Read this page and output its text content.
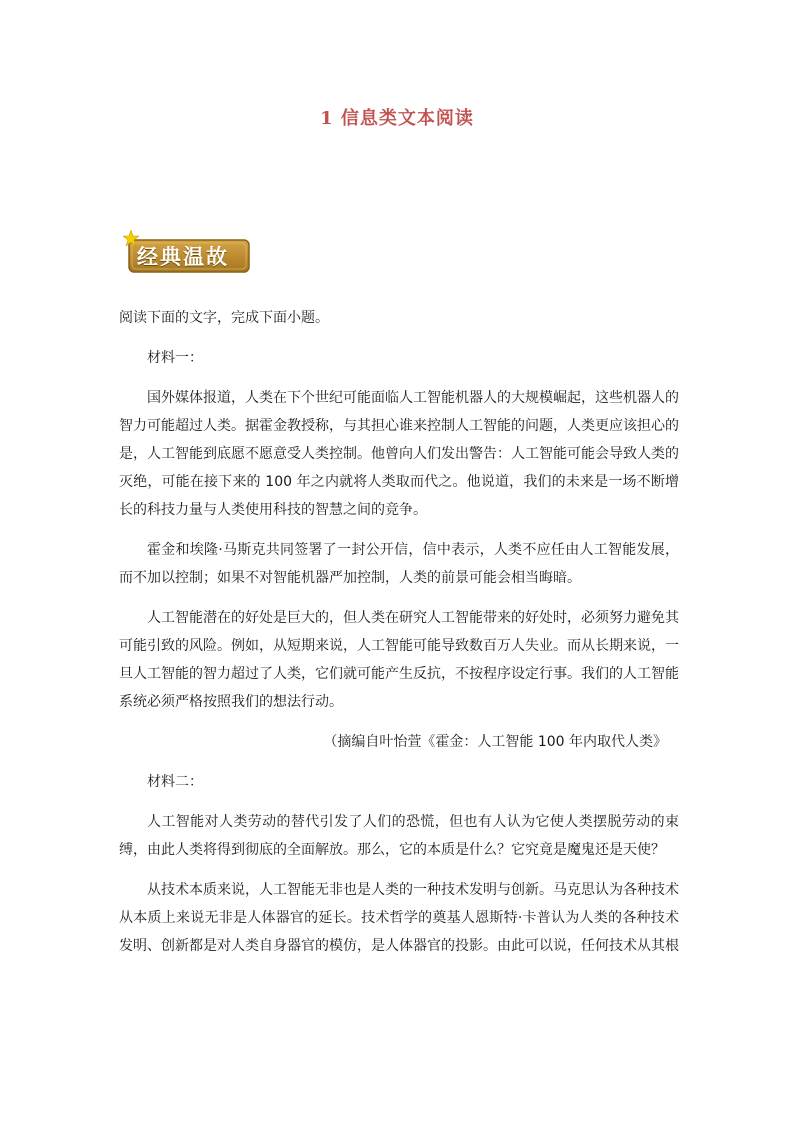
1 信息类文本阅读
经典温故

阅读下面的文字，完成下面小题。

材料一：

国外媒体报道，人类在下个世纪可能面临人工智能机器人的大规模崛起，这些机器人的智力可能超过人类。据霍金教授称，与其担心谁来控制人工智能的问题，人类更应该担心的是，人工智能到底愿不愿意受人类控制。他曾向人们发出警告：人工智能可能会导致人类的灭绝，可能在接下来的 100 年之内就将人类取而代之。他说道，我们的未来是一场不断增长的科技力量与人类使用科技的智慧之间的竞争。

霍金和埃隆·马斯克共同签署了一封公开信，信中表示，人类不应任由人工智能发展，而不加以控制；如果不对智能机器严加控制，人类的前景可能会相当晦暗。

人工智能潜在的好处是巨大的，但人类在研究人工智能带来的好处时，必须努力避免其可能引致的风险。例如，从短期来说，人工智能可能导致数百万人失业。而从长期来说，一旦人工智能的智力超过了人类，它们就可能产生反抗，不按程序设定行事。我们的人工智能系统必须严格按照我们的想法行动。

（摘编自叶怡萱《霍金：人工智能 100 年内取代人类》

材料二：

人工智能对人类劳动的替代引发了人们的恐慌，但也有人认为它使人类摆脱劳动的束缚，由此人类将得到彻底的全面解放。那么，它的本质是什么？它究竟是魔鬼还是天使？

从技术本质来说，人工智能无非也是人类的一种技术发明与创新。马克思认为各种技术从本质上来说无非是人体器官的延长。技术哲学的奠基人恩斯特·卡普认为人类的各种技术发明、创新都是对人类自身器官的模仿，是人体器官的投影。由此可以说，任何技术从其根
